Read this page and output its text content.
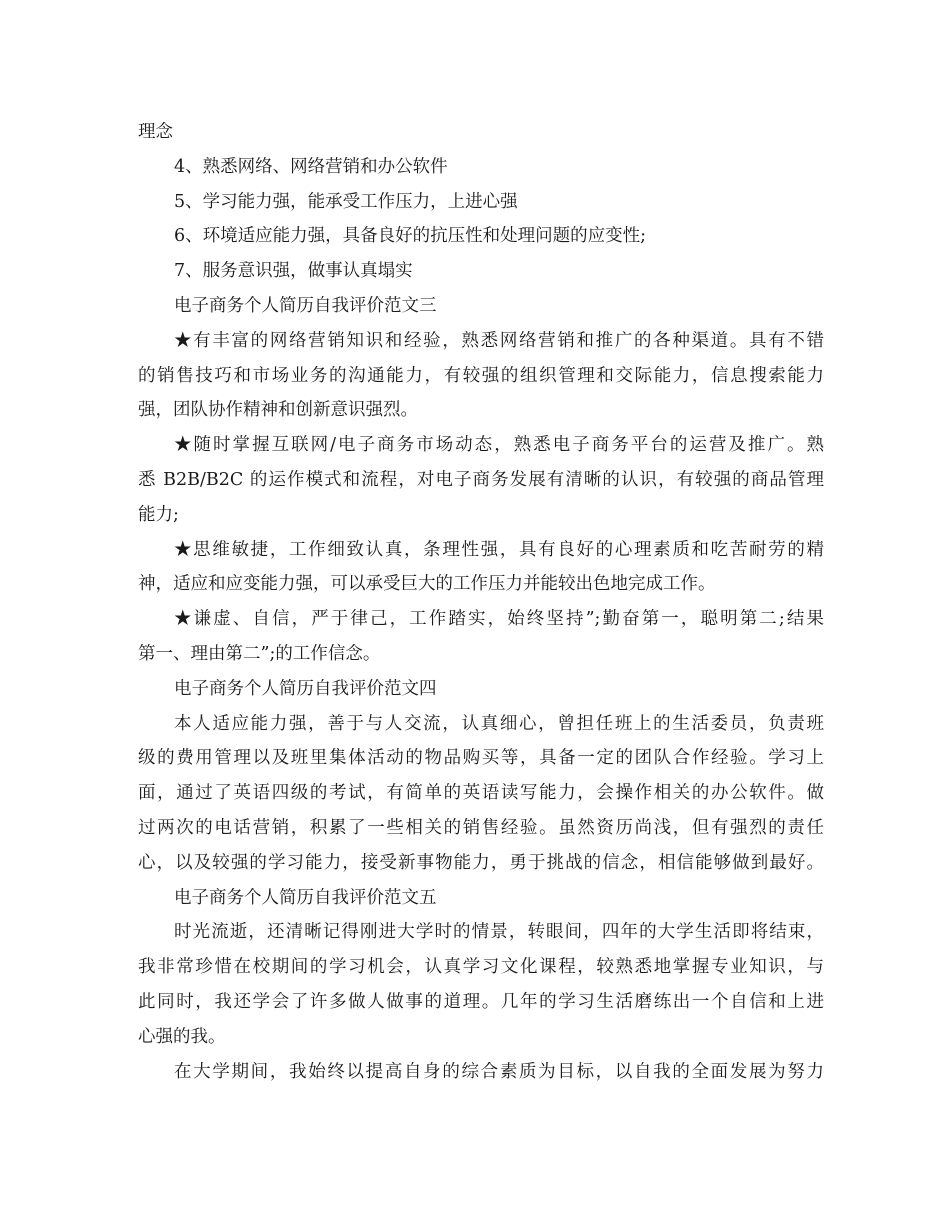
理念
4、熟悉网络、网络营销和办公软件
5、学习能力强，能承受工作压力，上进心强
6、环境适应能力强，具备良好的抗压性和处理问题的应变性;
7、服务意识强，做事认真塌实
电子商务个人简历自我评价范文三
★有丰富的网络营销知识和经验，熟悉网络营销和推广的各种渠道。具有不错
的销售技巧和市场业务的沟通能力，有较强的组织管理和交际能力，信息搜索能力
强，团队协作精神和创新意识强烈。
★随时掌握互联网/电子商务市场动态，熟悉电子商务平台的运营及推广。熟
悉 B2B/B2C 的运作模式和流程，对电子商务发展有清晰的认识，有较强的商品管理
能力;
★思维敏捷，工作细致认真，条理性强，具有良好的心理素质和吃苦耐劳的精
神，适应和应变能力强，可以承受巨大的工作压力并能较出色地完成工作。
★谦虚、自信，严于律己，工作踏实，始终坚持”;勤奋第一，聪明第二;结果
第一、理由第二”;的工作信念。
电子商务个人简历自我评价范文四
本人适应能力强，善于与人交流，认真细心，曾担任班上的生活委员，负责班
级的费用管理以及班里集体活动的物品购买等，具备一定的团队合作经验。学习上
面，通过了英语四级的考试，有简单的英语读写能力，会操作相关的办公软件。做
过两次的电话营销，积累了一些相关的销售经验。虽然资历尚浅，但有强烈的责任
心，以及较强的学习能力，接受新事物能力，勇于挑战的信念，相信能够做到最好。
电子商务个人简历自我评价范文五
时光流逝，还清晰记得刚进大学时的情景，转眼间，四年的大学生活即将结束，
我非常珍惜在校期间的学习机会，认真学习文化课程，较熟悉地掌握专业知识，与
此同时，我还学会了许多做人做事的道理。几年的学习生活磨练出一个自信和上进
心强的我。
在大学期间，我始终以提高自身的综合素质为目标，以自我的全面发展为努力
